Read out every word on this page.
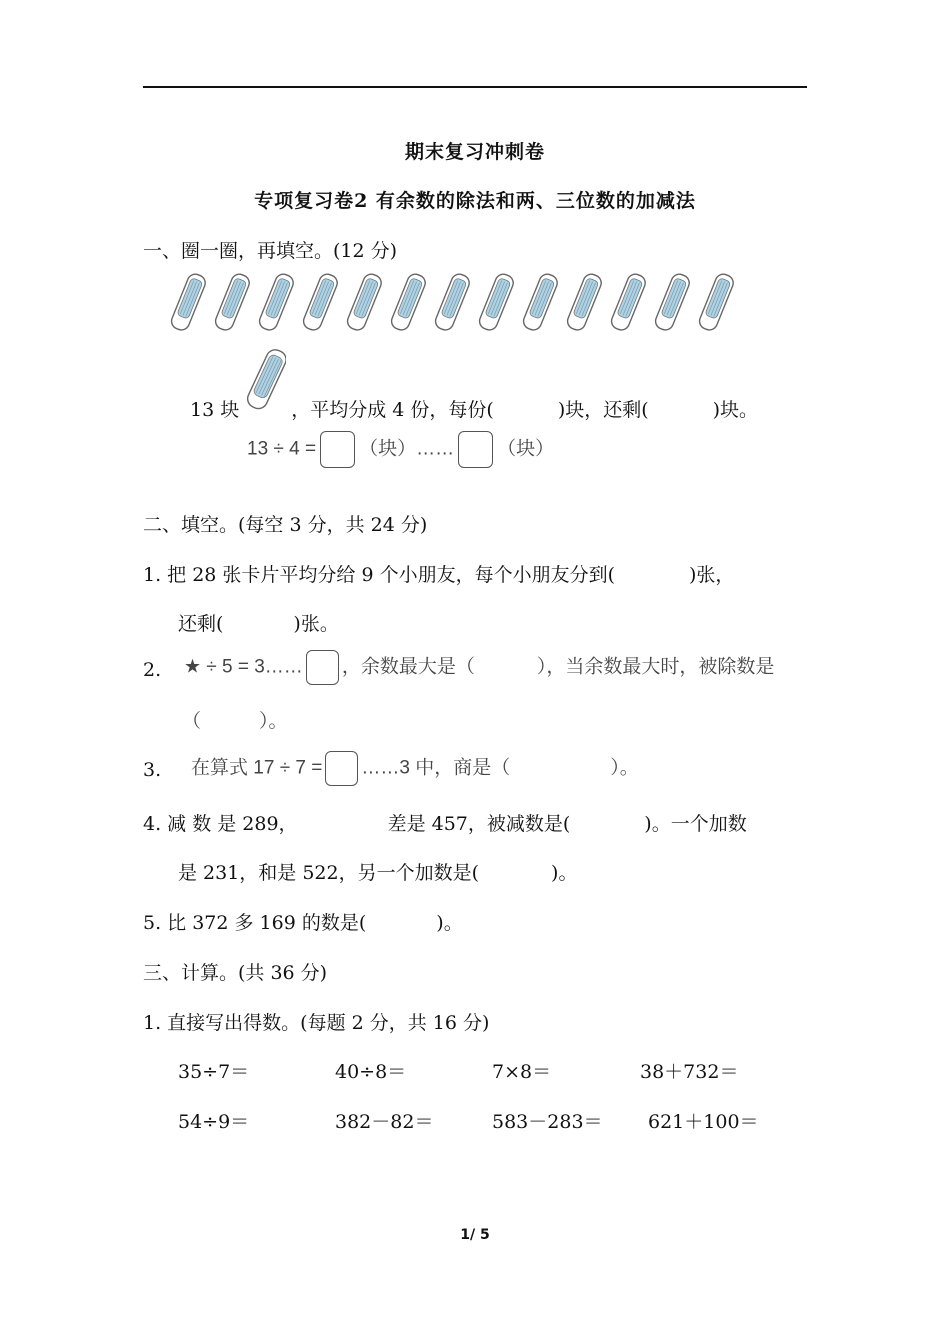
期末复习冲刺卷
专项复习卷2 有余数的除法和两、三位数的加减法
一、圈一圈，再填空。(12 分)
13 块	，平均分成 4 份，每份(	)块，还剩(	)块。
13 ÷ 4 = （块）…… （块）
二、填空。(每空 3 分，共 24 分)
1. 把 28 张卡片平均分给 9 个小朋友，每个小朋友分到(	)张，
还剩(	)张。
2. ★ ÷ 5 = 3…… ，余数最大是（	），当余数最大时，被除数是
（	）。
3. 在算式 17 ÷ 7 = ……3 中，商是（	）。
4. 减 数 是 289，	差是 457，被减数是(	)。一个加数
是 231，和是 522，另一个加数是(	)。
5. 比 372 多 169 的数是(	)。
三、计算。(共 36 分)
1. 直接写出得数。(每题 2 分，共 16 分)
35÷7＝	40÷8＝	7×8＝	38＋732＝
54÷9＝	382－82＝	583－283＝ 621＋100＝
1/ 5
